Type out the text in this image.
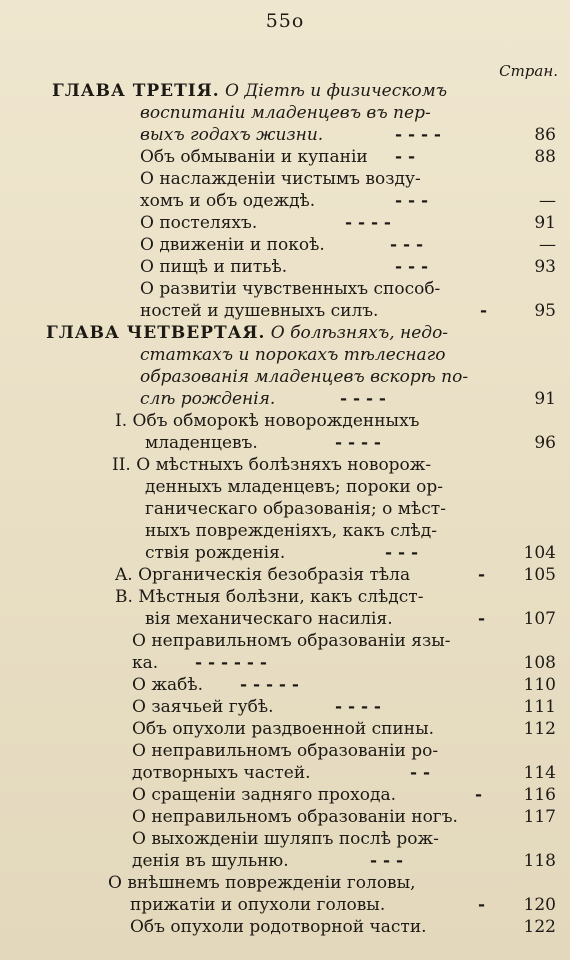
55o
Стран.
ГЛАВА ТРЕТІЯ. О Діетѣ и физическомъ
воспитаніи младенцевъ въ пер-
выхъ годахъ жизни.	- - - -	86
Объ обмываніи и купаніи - -	88
О наслажденіи чистымъ возду-
хомъ и объ одеждѣ.	- - -	—
О постеляхъ.	- - - -	91
О движеніи и покоѣ.	- - -	—
О пищѣ и питьѣ.	- - -	93
О развитіи чувственныхъ способ-
ностей и душевныхъ силъ.	-	95
ГЛАВА ЧЕТВЕРТАЯ. О болѣзняхъ, недо-
статкахъ и порокахъ тѣлеснаго
образованія младенцевъ вскорѣ по-
слѣ рожденія.	- - - -	91
I. Объ обморокѣ новорожденныхъ
младенцевъ.	- - - -	96
II. О мѣстныхъ болѣзняхъ новорож-
денныхъ младенцевъ; пороки ор-
ганическаго образованія; о мѣст-
ныхъ поврежденіяхъ, какъ слѣд-
ствія рожденія.	- - -	104
A. Органическія безобразія тѣла	-	105
B. Мѣстныя болѣзни, какъ слѣдст-
вія механическаго насилія.	-	107
О неправильномъ образованіи язы-
ка. - - - - - -	108
О жабѣ. - - - - -	110
О заячьей губѣ.	- - - -	111
Объ опухоли раздвоенной спины.	112
О неправильномъ образованіи ро-
дотворныхъ частей.	- -	114
О сращеніи задняго прохода.	-	116
О неправильномъ образованіи ногъ.	117
О выхожденіи шуляпъ послѣ рож-
денія въ шульню.	- - -	118
О внѣшнемъ поврежденіи головы,
прижатіи и опухоли головы.	-	120
Объ опухоли родотворной части.	122
